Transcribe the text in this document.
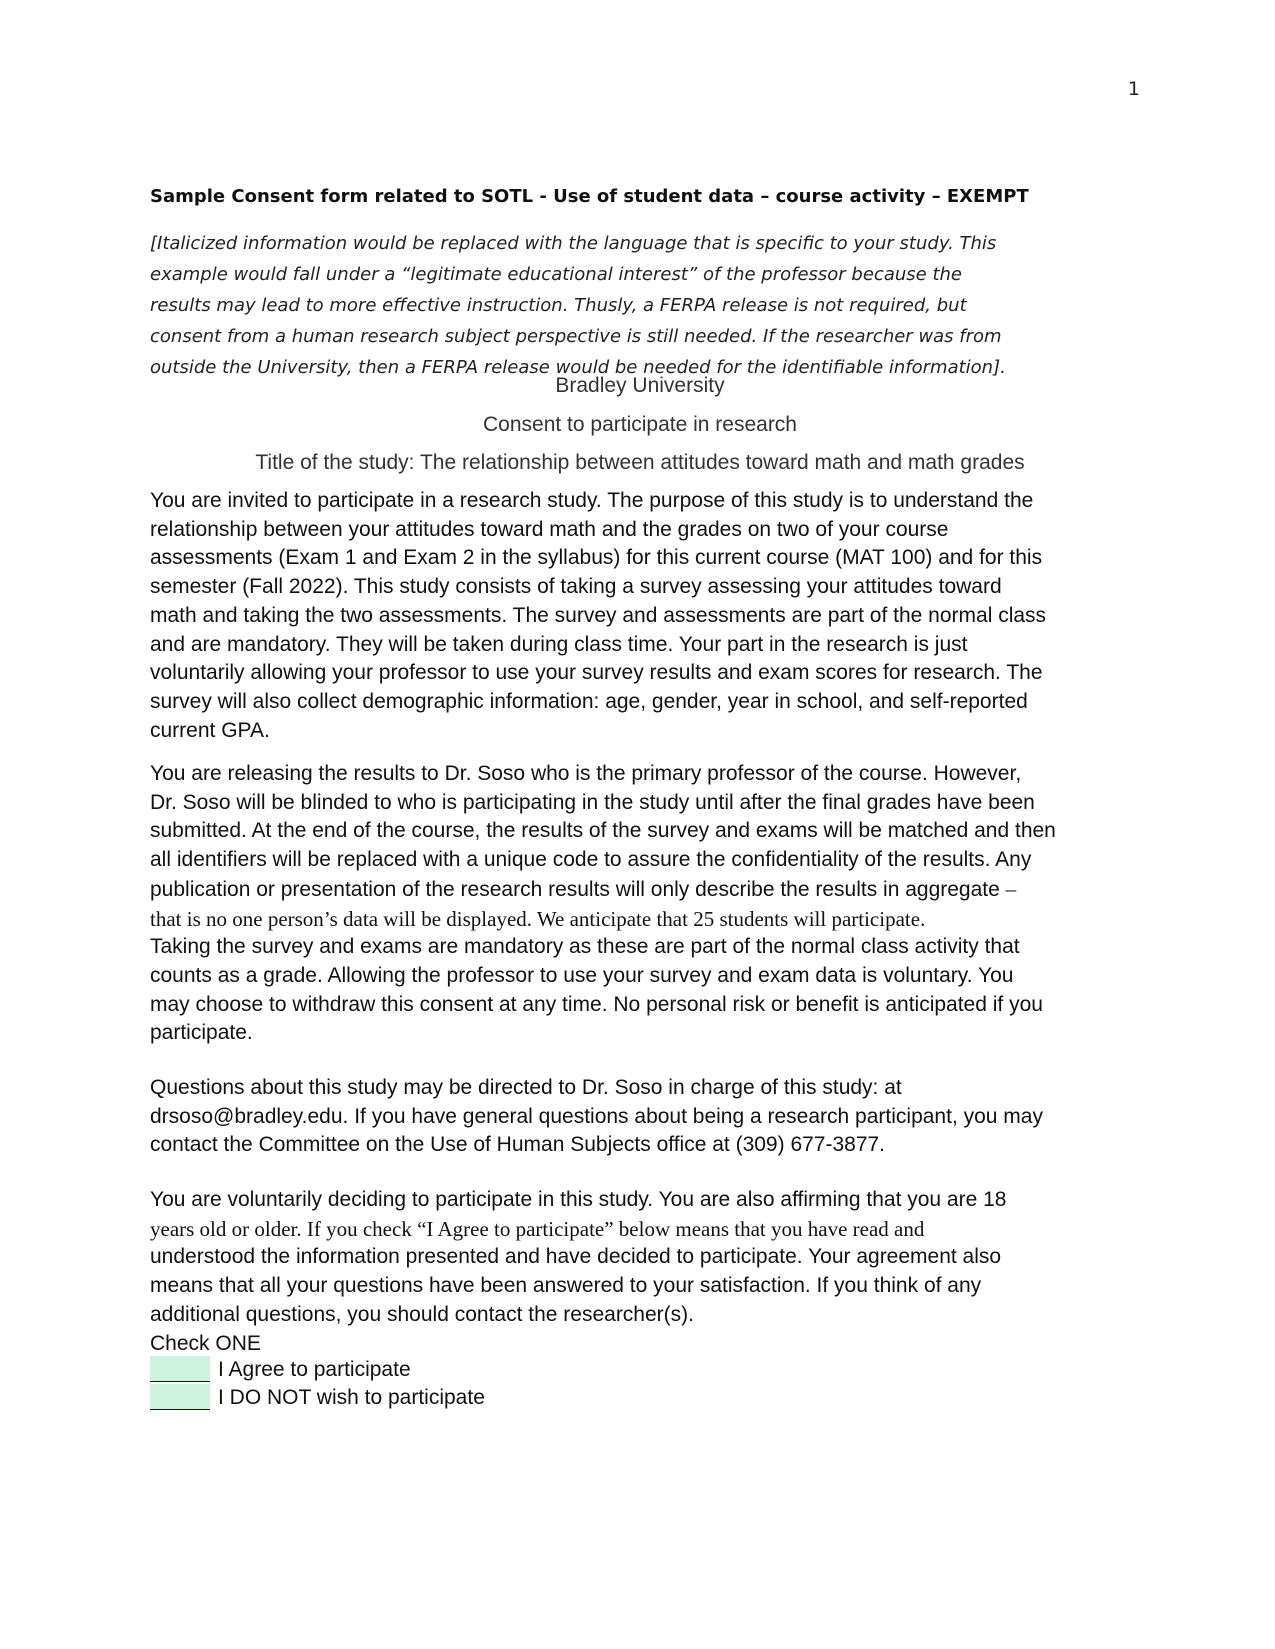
1
Sample Consent form related to SOTL - Use of student data – course activity – EXEMPT
[Italicized information would be replaced with the language that is specific to your study. This
example would fall under a “legitimate educational interest” of the professor because the
results may lead to more effective instruction. Thusly, a FERPA release is not required, but
consent from a human research subject perspective is still needed. If the researcher was from
outside the University, then a FERPA release would be needed for the identifiable information].
Bradley University
Consent to participate in research
Title of the study: The relationship between attitudes toward math and math grades
You are invited to participate in a research study. The purpose of this study is to understand the
relationship between your attitudes toward math and the grades on two of your course
assessments (Exam 1 and Exam 2 in the syllabus) for this current course (MAT 100) and for this
semester (Fall 2022). This study consists of taking a survey assessing your attitudes toward
math and taking the two assessments. The survey and assessments are part of the normal class
and are mandatory. They will be taken during class time. Your part in the research is just
voluntarily allowing your professor to use your survey results and exam scores for research. The
survey will also collect demographic information: age, gender, year in school, and self-reported
current GPA.
You are releasing the results to Dr. Soso who is the primary professor of the course. However,
Dr. Soso will be blinded to who is participating in the study until after the final grades have been
submitted. At the end of the course, the results of the survey and exams will be matched and then
all identifiers will be replaced with a unique code to assure the confidentiality of the results. Any
publication or presentation of the research results will only describe the results in aggregate –
that is no one person’s data will be displayed. We anticipate that 25 students will participate.
Taking the survey and exams are mandatory as these are part of the normal class activity that
counts as a grade. Allowing the professor to use your survey and exam data is voluntary. You
may choose to withdraw this consent at any time. No personal risk or benefit is anticipated if you
participate.
Questions about this study may be directed to Dr. Soso in charge of this study: at
drsoso@bradley.edu. If you have general questions about being a research participant, you may
contact the Committee on the Use of Human Subjects office at (309) 677-3877.
You are voluntarily deciding to participate in this study. You are also affirming that you are 18
years old or older. If you check “I Agree to participate” below means that you have read and
understood the information presented and have decided to participate. Your agreement also
means that all your questions have been answered to your satisfaction. If you think of any
additional questions, you should contact the researcher(s).
Check ONE
I Agree to participate
I DO NOT wish to participate
